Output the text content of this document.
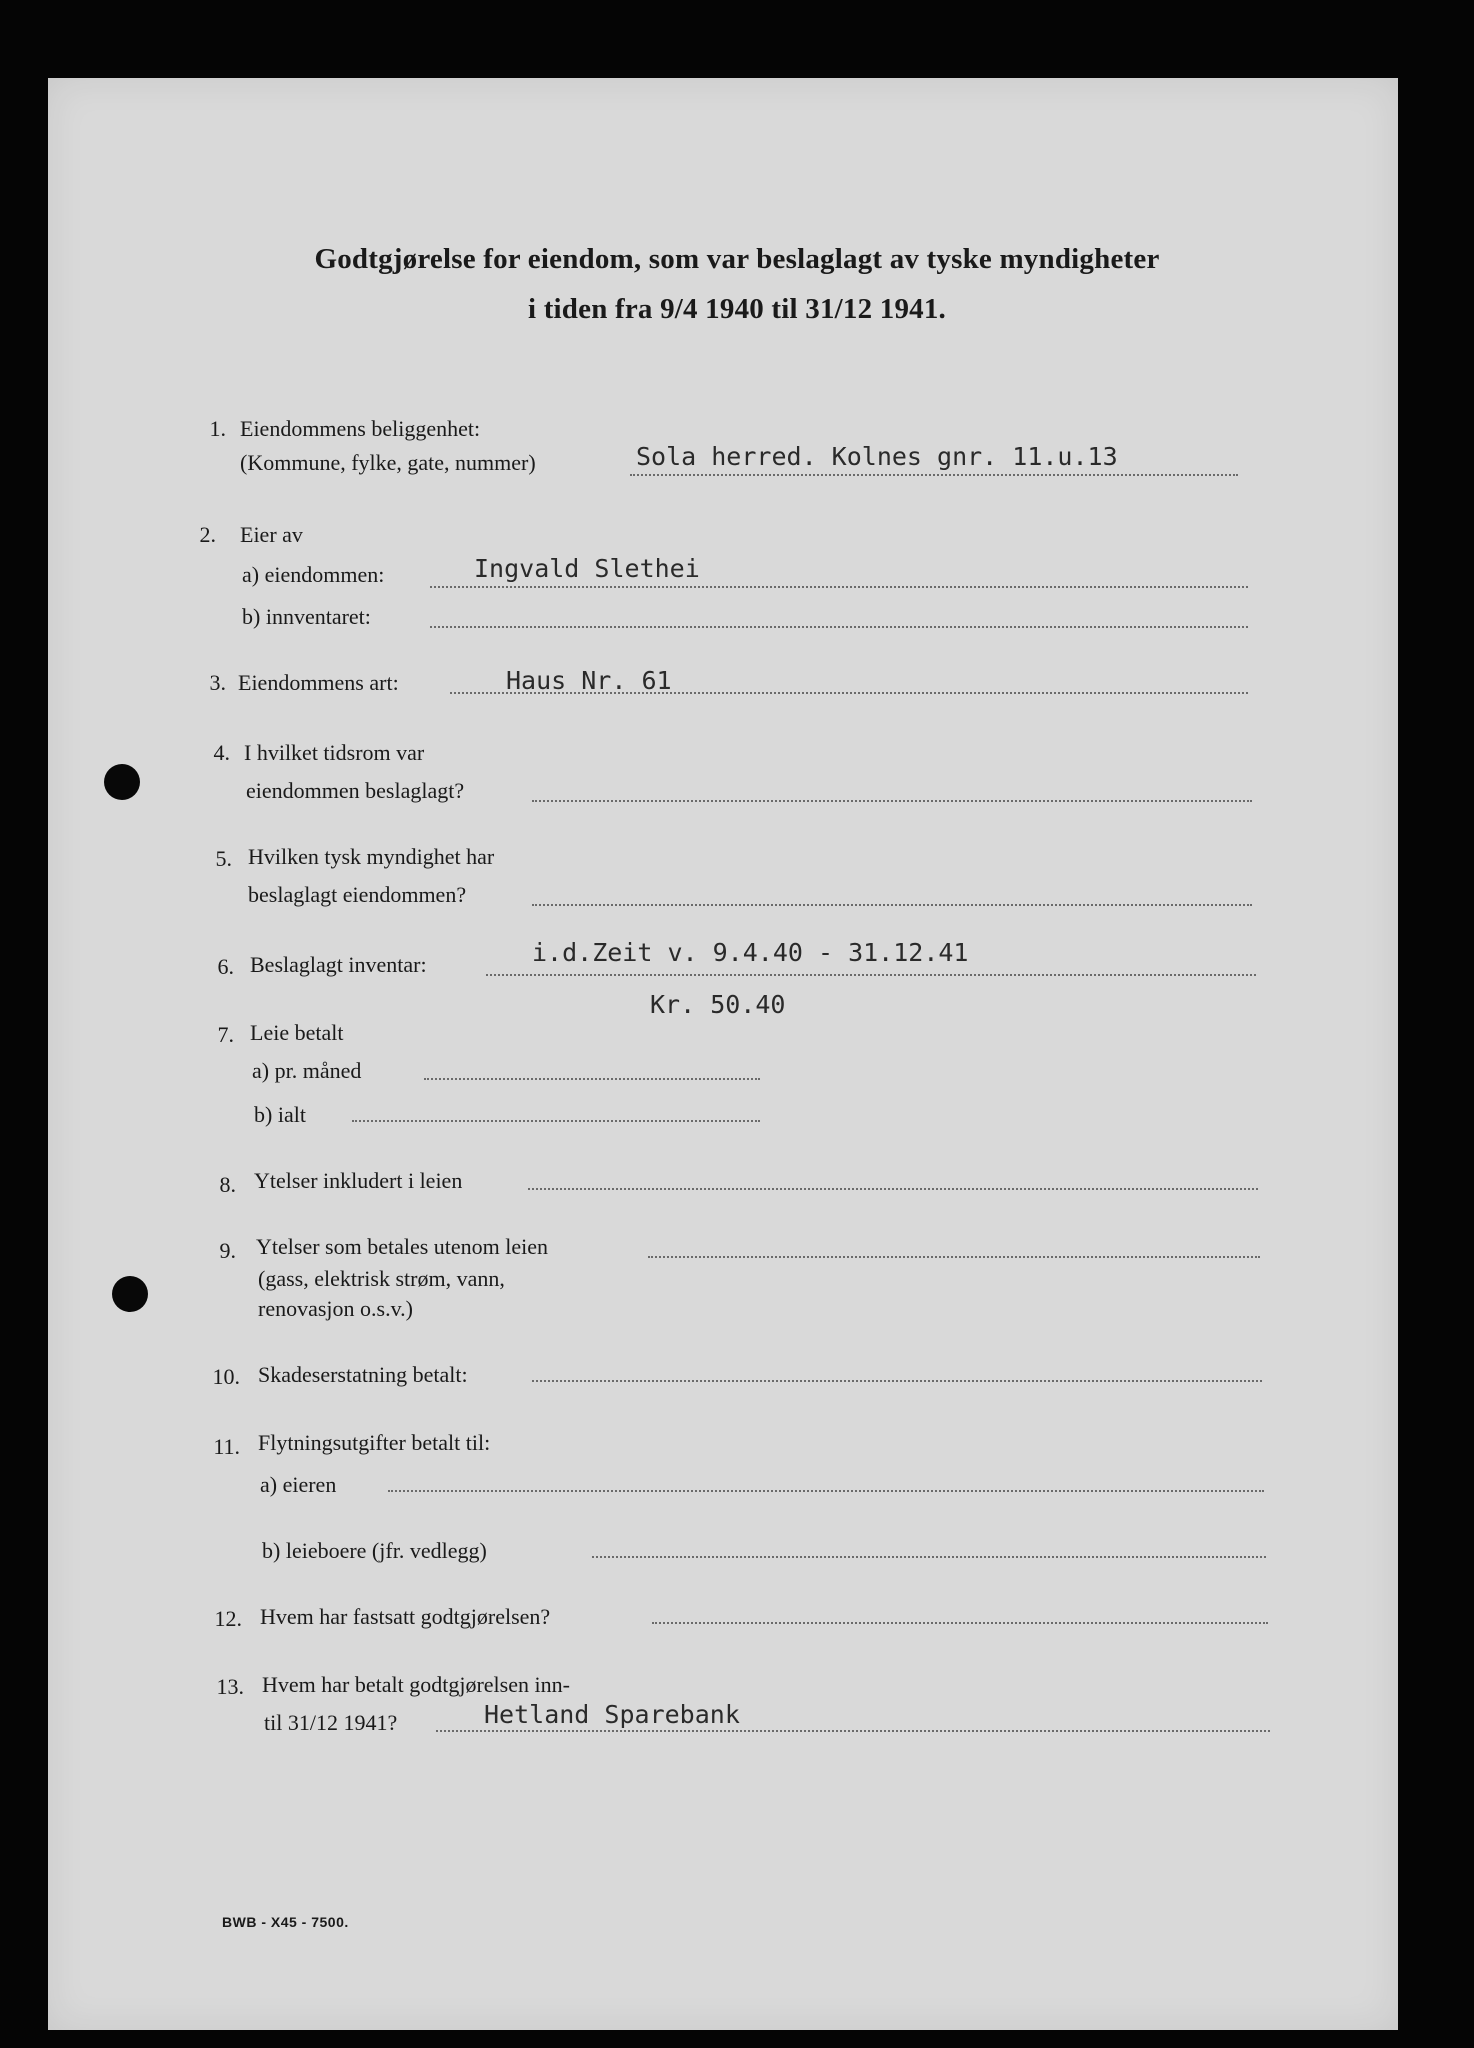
Godtgjørelse for eiendom, som var beslaglagt av tyske myndigheter
i tiden fra 9/4 1940 til 31/12 1941.
1. Eiendommens beliggenhet:
(Kommune, fylke, gate, nummer)	Sola herred. Kolnes gnr. 11.u.13
2. Eier av
a) eiendommen:	Ingvald Slethei
b) innventaret:
3. Eiendommens art:	Haus Nr. 61
4. I hvilket tidsrom var
eiendommen beslaglagt?
5. Hvilken tysk myndighet har
beslaglagt eiendommen?
6. Beslaglagt inventar:	i.d.Zeit v. 9.4.40 - 31.12.41
Kr. 50.40
7. Leie betalt
a) pr. måned
b) ialt
8. Ytelser inkludert i leien
9. Ytelser som betales utenom leien
(gass, elektrisk strøm, vann,
renovasjon o.s.v.)
10. Skadeserstatning betalt:
11. Flytningsutgifter betalt til:
a) eieren
b) leieboere (jfr. vedlegg)
12. Hvem har fastsatt godtgjørelsen?
13. Hvem har betalt godtgjørelsen inn-
til 31/12 1941?	Hetland Sparebank
BWB - X45 - 7500.
